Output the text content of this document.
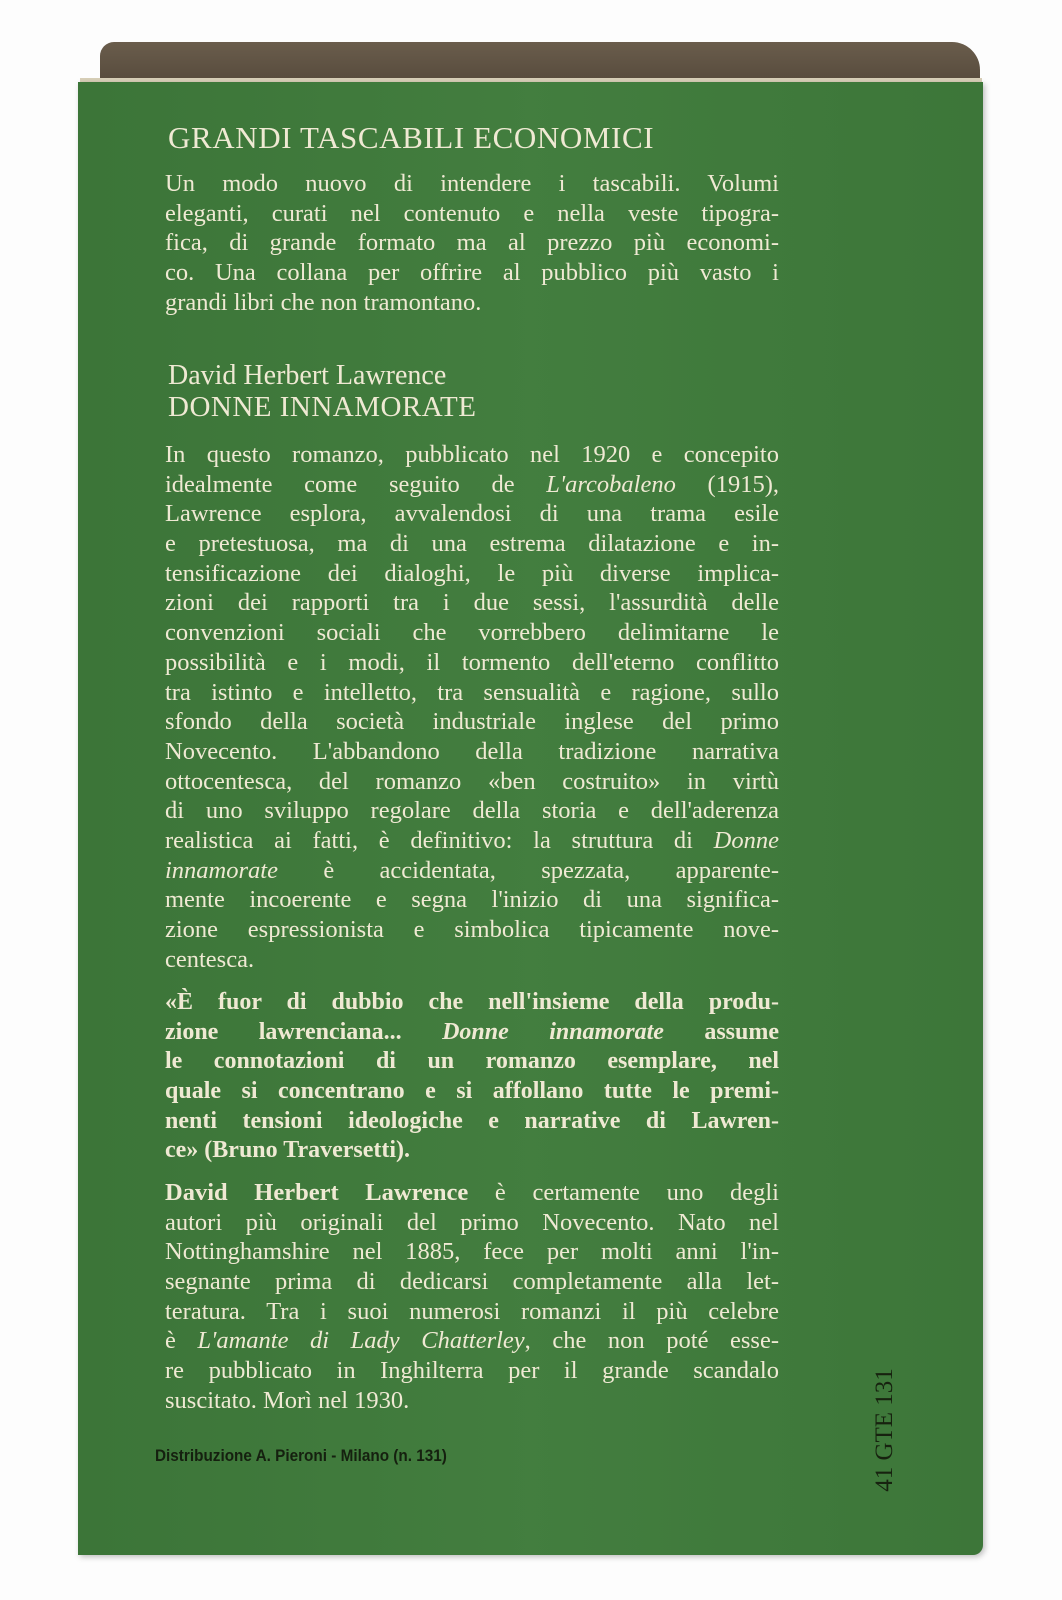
GRANDI TASCABILI ECONOMICI
Un modo nuovo di intendere i tascabili. Volumi
eleganti, curati nel contenuto e nella veste tipogra-
fica, di grande formato ma al prezzo più economi-
co. Una collana per offrire al pubblico più vasto i
grandi libri che non tramontano.
David Herbert Lawrence
DONNE INNAMORATE
In questo romanzo, pubblicato nel 1920 e concepito
idealmente come seguito de L'arcobaleno (1915),
Lawrence esplora, avvalendosi di una trama esile
e pretestuosa, ma di una estrema dilatazione e in-
tensificazione dei dialoghi, le più diverse implica-
zioni dei rapporti tra i due sessi, l'assurdità delle
convenzioni sociali che vorrebbero delimitarne le
possibilità e i modi, il tormento dell'eterno conflitto
tra istinto e intelletto, tra sensualità e ragione, sullo
sfondo della società industriale inglese del primo
Novecento. L'abbandono della tradizione narrativa
ottocentesca, del romanzo «ben costruito» in virtù
di uno sviluppo regolare della storia e dell'aderenza
realistica ai fatti, è definitivo: la struttura di Donne
innamorate è accidentata, spezzata, apparente-
mente incoerente e segna l'inizio di una significa-
zione espressionista e simbolica tipicamente nove-
centesca.
«È fuor di dubbio che nell'insieme della produ-
zione lawrenciana... Donne innamorate assume
le connotazioni di un romanzo esemplare, nel
quale si concentrano e si affollano tutte le premi-
nenti tensioni ideologiche e narrative di Lawren-
ce» (Bruno Traversetti).
David Herbert Lawrence è certamente uno degli
autori più originali del primo Novecento. Nato nel
Nottinghamshire nel 1885, fece per molti anni l'in-
segnante prima di dedicarsi completamente alla let-
teratura. Tra i suoi numerosi romanzi il più celebre
è L'amante di Lady Chatterley, che non poté esse-
re pubblicato in Inghilterra per il grande scandalo
suscitato. Morì nel 1930.
Distribuzione A. Pieroni - Milano (n. 131)	41 GTE 131
